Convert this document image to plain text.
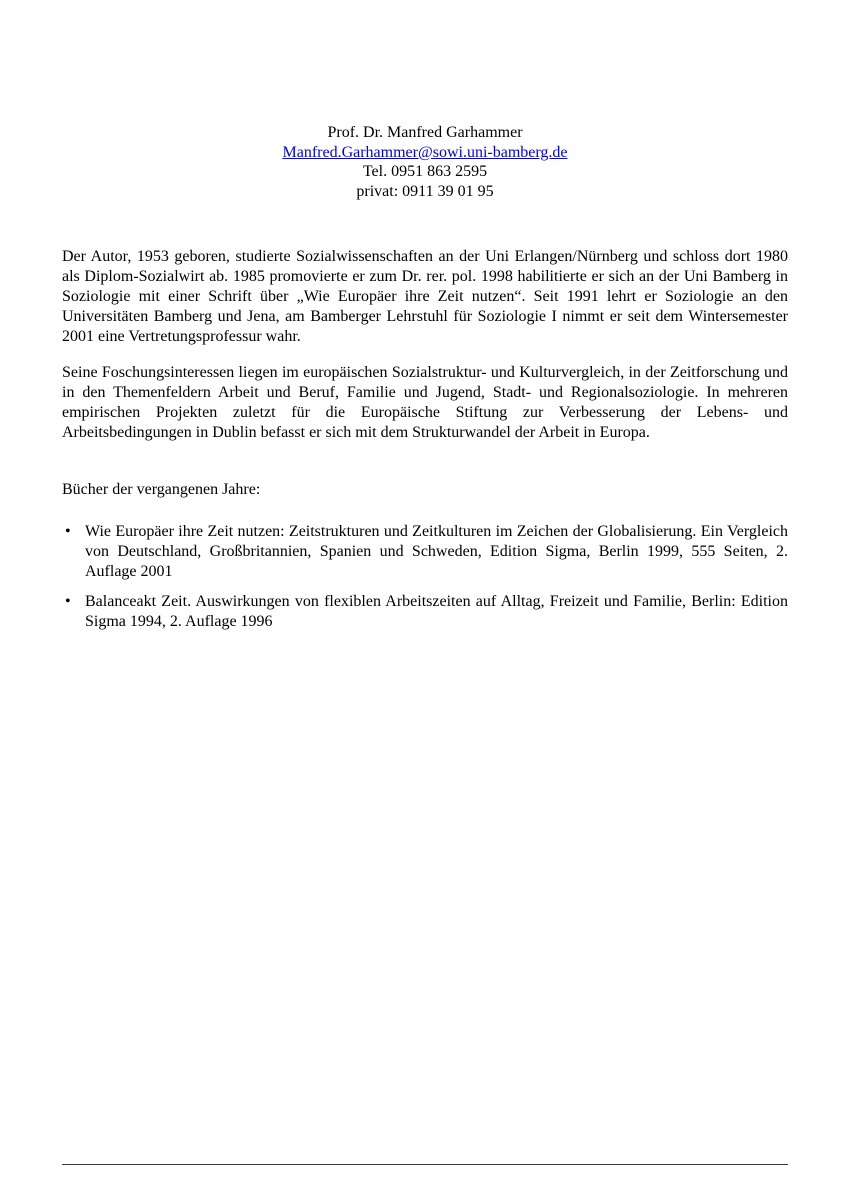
Prof. Dr. Manfred Garhammer
Manfred.Garhammer@sowi.uni-bamberg.de
Tel. 0951 863 2595
privat: 0911 39 01 95

Der Autor, 1953 geboren, studierte Sozialwissenschaften an der Uni Erlangen/Nürnberg und schloss dort 1980 als Diplom-Sozialwirt ab. 1985 promovierte er zum Dr. rer. pol. 1998 habilitierte er sich an der Uni Bamberg in Soziologie mit einer Schrift über „Wie Europäer ihre Zeit nutzen“. Seit 1991 lehrt er Soziologie an den Universitäten Bamberg und Jena, am Bamberger Lehrstuhl für Soziologie I nimmt er seit dem Wintersemester 2001 eine Vertretungsprofessur wahr.

Seine Foschungsinteressen liegen im europäischen Sozialstruktur- und Kulturvergleich, in der Zeitforschung und in den Themenfeldern Arbeit und Beruf, Familie und Jugend, Stadt- und Regionalsoziologie. In mehreren empirischen Projekten zuletzt für die Europäische Stiftung zur Verbesserung der Lebens- und Arbeitsbedingungen in Dublin befasst er sich mit dem Strukturwandel der Arbeit in Europa.

Bücher der vergangenen Jahre:
• Wie Europäer ihre Zeit nutzen: Zeitstrukturen und Zeitkulturen im Zeichen der Globalisierung. Ein Vergleich von Deutschland, Großbritannien, Spanien und Schweden, Edition Sigma, Berlin 1999, 555 Seiten, 2. Auflage 2001
• Balanceakt Zeit. Auswirkungen von flexiblen Arbeitszeiten auf Alltag, Freizeit und Familie, Berlin: Edition Sigma 1994, 2. Auflage 1996
